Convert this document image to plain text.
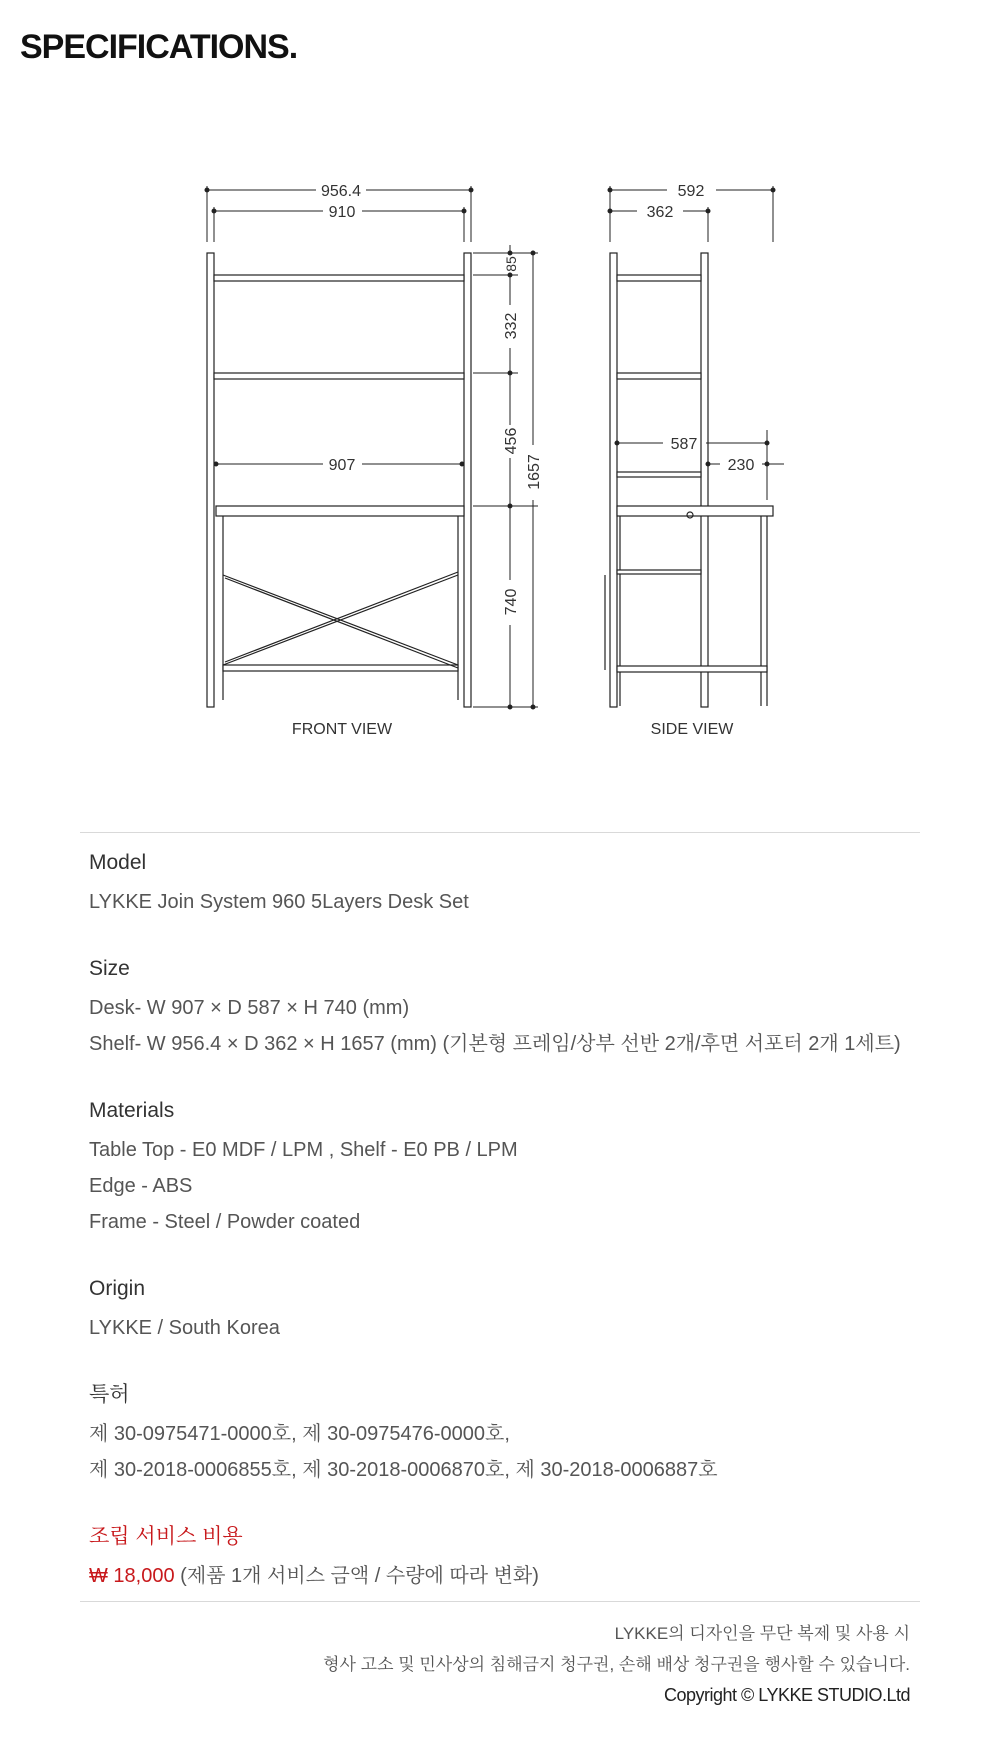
SPECIFICATIONS.
956.4
910
907
85
332
456
1657
740
592
362
587
230
FRONT VIEW	SIDE VIEW
Model
LYKKE Join System 960 5Layers Desk Set
Size
Desk- W 907 × D 587 × H 740 (mm)
Shelf- W 956.4 × D 362 × H 1657 (mm) (기본형 프레임/상부 선반 2개/후면 서포터 2개 1세트)
Materials
Table Top - E0 MDF / LPM , Shelf - E0 PB / LPM
Edge - ABS
Frame - Steel / Powder coated
Origin
LYKKE / South Korea
특허
제 30-0975471-0000호, 제 30-0975476-0000호,
제 30-2018-0006855호, 제 30-2018-0006870호, 제 30-2018-0006887호
조립 서비스 비용
₩ 18,000 (제품 1개 서비스 금액 / 수량에 따라 변화)
LYKKE의 디자인을 무단 복제 및 사용 시
형사 고소 및 민사상의 침해금지 청구권, 손해 배상 청구권을 행사할 수 있습니다.
Copyright © LYKKE STUDIO.Ltd
